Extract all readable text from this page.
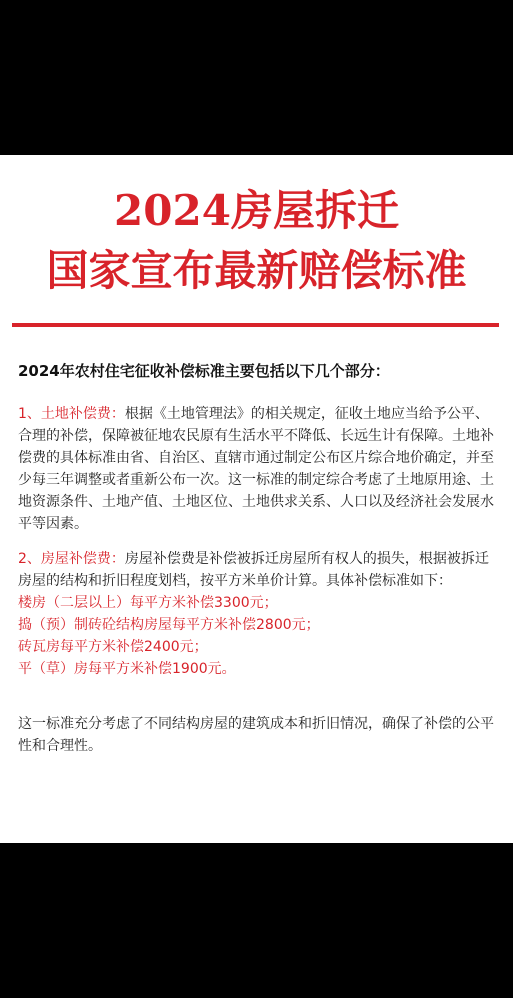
2024房屋拆迁
国家宣布最新赔偿标准
2024年农村住宅征收补偿标准主要包括以下几个部分：
1、土地补偿费：根据《土地管理法》的相关规定，征收土地应当给予公平、合理的补偿，保障被征地农民原有生活水平不降低、长远生计有保障。土地补偿费的具体标准由省、自治区、直辖市通过制定公布区片综合地价确定，并至少每三年调整或者重新公布一次。这一标准的制定综合考虑了土地原用途、土地资源条件、土地产值、土地区位、土地供求关系、人口以及经济社会发展水平等因素。
2、房屋补偿费：房屋补偿费是补偿被拆迁房屋所有权人的损失，根据被拆迁房屋的结构和折旧程度划档，按平方米单价计算。具体补偿标准如下：
楼房（二层以上）每平方米补偿3300元；
捣（预）制砖砼结构房屋每平方米补偿2800元；
砖瓦房每平方米补偿2400元；
平（草）房每平方米补偿1900元。
这一标准充分考虑了不同结构房屋的建筑成本和折旧情况，确保了补偿的公平性和合理性。
